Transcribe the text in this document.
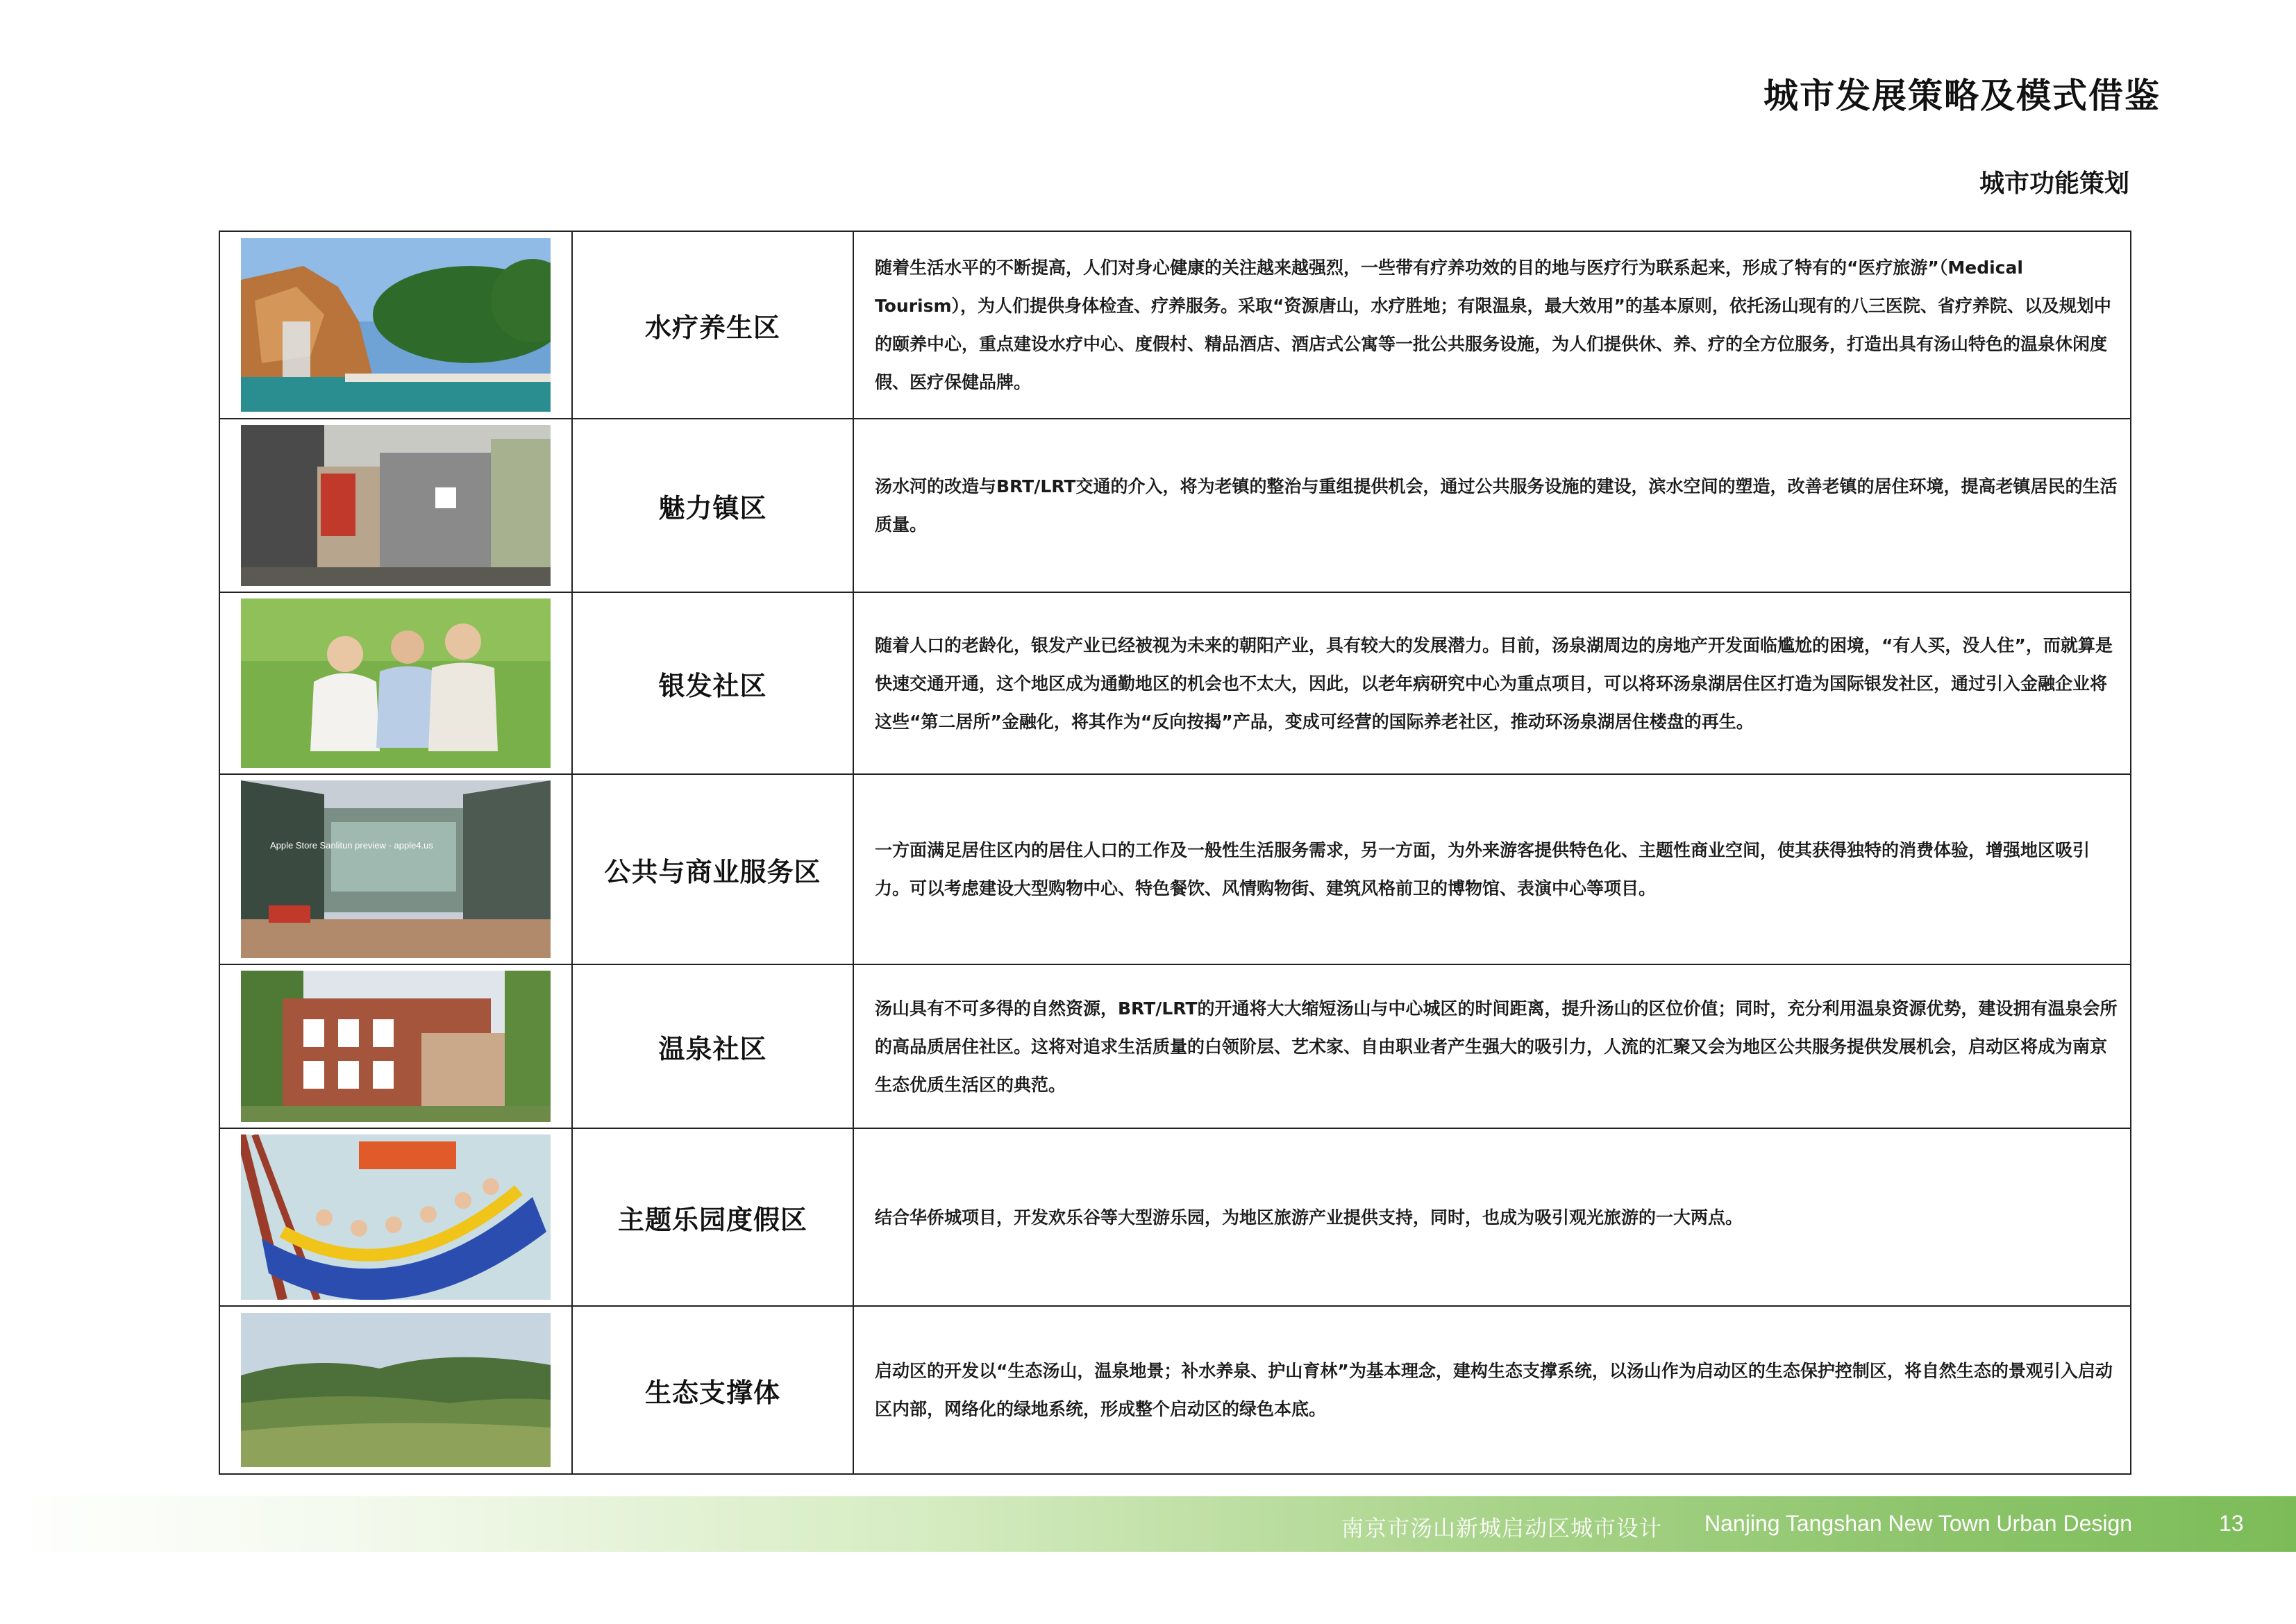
城市发展策略及模式借鉴
城市功能策划
	水疗养生区	随着生活水平的不断提高，人们对身心健康的关注越来越强烈，一些带有疗养功效的目的地与医疗行为联系起来，形成了特有的“医疗旅游”（Medical Tourism），为人们提供身体检查、疗养服务。采取“资源唐山，水疗胜地；有限温泉，最大效用”的基本原则，依托汤山现有的八三医院、省疗养院、以及规划中的颐养中心，重点建设水疗中心、度假村、精品酒店、酒店式公寓等一批公共服务设施，为人们提供休、养、疗的全方位服务，打造出具有汤山特色的温泉休闲度假、医疗保健品牌。

	魅力镇区	汤水河的改造与BRT/LRT交通的介入，将为老镇的整治与重组提供机会，通过公共服务设施的建设，滨水空间的塑造，改善老镇的居住环境，提高老镇居民的生活质量。

	银发社区	随着人口的老龄化，银发产业已经被视为未来的朝阳产业，具有较大的发展潜力。目前，汤泉湖周边的房地产开发面临尴尬的困境，“有人买，没人住”，而就算是快速交通开通，这个地区成为通勤地区的机会也不太大，因此，以老年病研究中心为重点项目，可以将环汤泉湖居住区打造为国际银发社区，通过引入金融企业将这些“第二居所”金融化，将其作为“反向按揭”产品，变成可经营的国际养老社区，推动环汤泉湖居住楼盘的再生。

Apple Store Sanlitun preview - apple4.us	公共与商业服务区	一方面满足居住区内的居住人口的工作及一般性生活服务需求，另一方面，为外来游客提供特色化、主题性商业空间，使其获得独特的消费体验，增强地区吸引力。可以考虑建设大型购物中心、特色餐饮、风情购物街、建筑风格前卫的博物馆、表演中心等项目。

	温泉社区	汤山具有不可多得的自然资源，BRT/LRT的开通将大大缩短汤山与中心城区的时间距离，提升汤山的区位价值；同时，充分利用温泉资源优势，建设拥有温泉会所的高品质居住社区。这将对追求生活质量的白领阶层、艺术家、自由职业者产生强大的吸引力，人流的汇聚又会为地区公共服务提供发展机会，启动区将成为南京生态优质生活区的典范。

	主题乐园度假区	结合华侨城项目，开发欢乐谷等大型游乐园，为地区旅游产业提供支持，同时，也成为吸引观光旅游的一大两点。

	生态支撑体	启动区的开发以“生态汤山，温泉地景；补水养泉、护山育林”为基本理念，建构生态支撑系统，以汤山作为启动区的生态保护控制区，将自然生态的景观引入启动区内部，网络化的绿地系统，形成整个启动区的绿色本底。
南京市汤山新城启动区城市设计 Nanjing Tangshan New Town Urban Design	13
